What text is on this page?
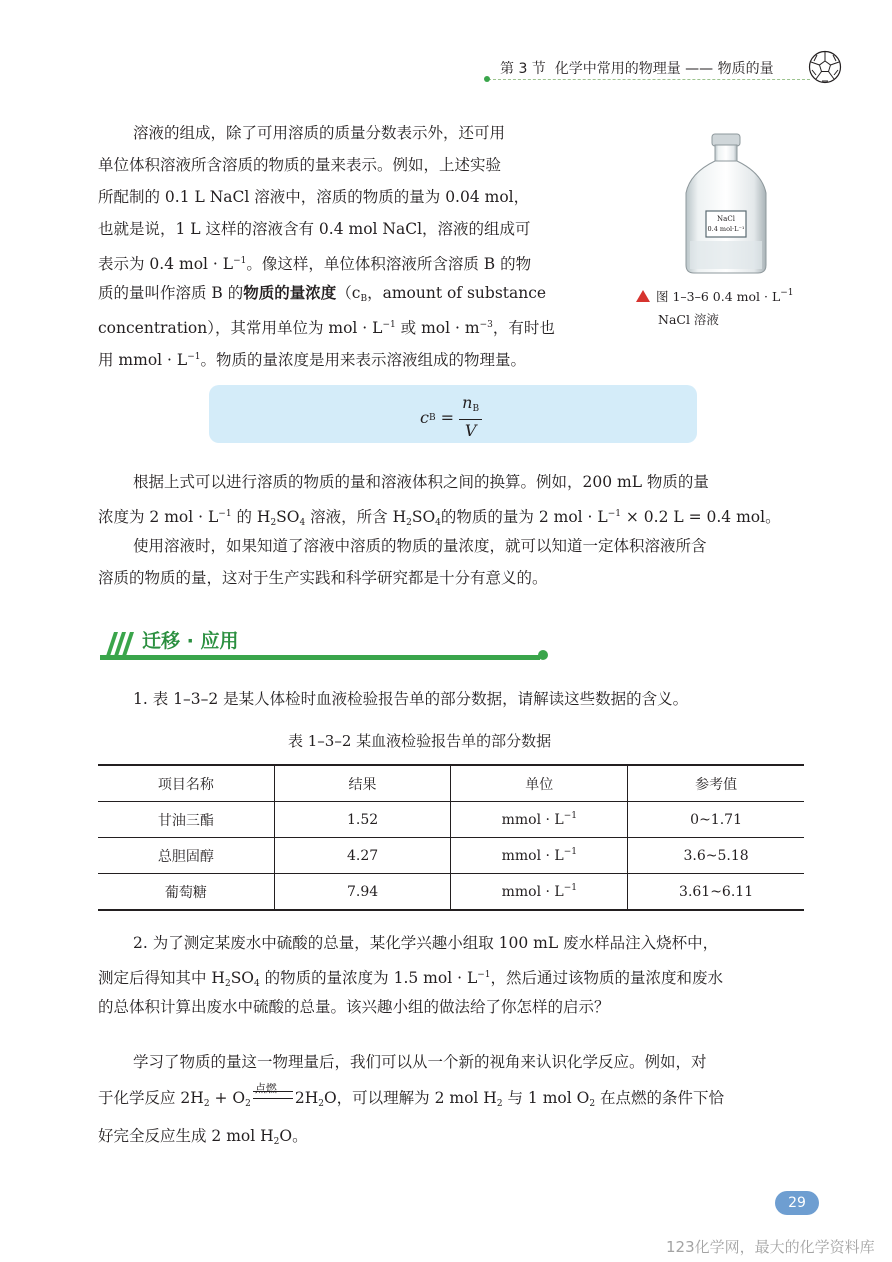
第 3 节 化学中常用的物理量 —— 物质的量
溶液的组成，除了可用溶质的质量分数表示外，还可用
单位体积溶液所含溶质的物质的量来表示。例如，上述实验
所配制的 0.1 L NaCl 溶液中，溶质的物质的量为 0.04 mol，
也就是说，1 L 这样的溶液含有 0.4 mol NaCl，溶液的组成可
表示为 0.4 mol · $L^{-1}$。像这样，单位体积溶液所含溶质 B 的物
质的量叫作溶质 B 的物质的量浓度（$c_B$，amount of substance
concentration），其常用单位为 mol · $L^{-1}$ 或 mol · $m^{-3}$，有时也
用 mmol · $L^{-1}$。物质的量浓度是用来表示溶液组成的物理量。
NaCl
0.4 mol·L⁻¹
图 1–3–6 0.4 mol · $L^{-1}$
NaCl 溶液
c $B = \frac{n_B}{V}$
根据上式可以进行溶质的物质的量和溶液体积之间的换算。例如，200 mL 物质的量
浓度为 2 mol · $L^{-1}$ 的 $H_2SO_4$ 溶液，所含 $H_2SO_4$的物质的量为 2 mol · $L^{-1} \times 0.2$ L = 0.4 mol。
使用溶液时，如果知道了溶液中溶质的物质的量浓度，就可以知道一定体积溶液所含
溶质的物质的量，这对于生产实践和科学研究都是十分有意义的。
迁移 · 应用
1. 表 1–3–2 是某人体检时血液检验报告单的部分数据，请解读这些数据的含义。
表 1–3–2 某血液检验报告单的部分数据
项目名称	结果	单位	参考值
甘油三酯	1.52	mmol · $L^{-1}$	0~1.71
总胆固醇	4.27	mmol · $L^{-1}$	3.6~5.18
葡萄糖	7.94	mmol · $L^{-1}$	3.61~6.11
2. 为了测定某废水中硫酸的总量，某化学兴趣小组取 100 mL 废水样品注入烧杯中，
测定后得知其中 $H_2SO_4$ 的物质的量浓度为 1.5 mol · $L^{-1}$，然后通过该物质的量浓度和废水
的总体积计算出废水中硫酸的总量。该兴趣小组的做法给了你怎样的启示？
学习了物质的量这一物理量后，我们可以从一个新的视角来认识化学反应。例如，对
于化学反应 $2H_2 + O_2$
点燃
$2H_2O$，可以理解为 2 mol $H_2$ 与 1 mol $O_2$ 在点燃的条件下恰
好完全反应生成 2 mol $H_2O$。
29
123化学网，最大的化学资料库
